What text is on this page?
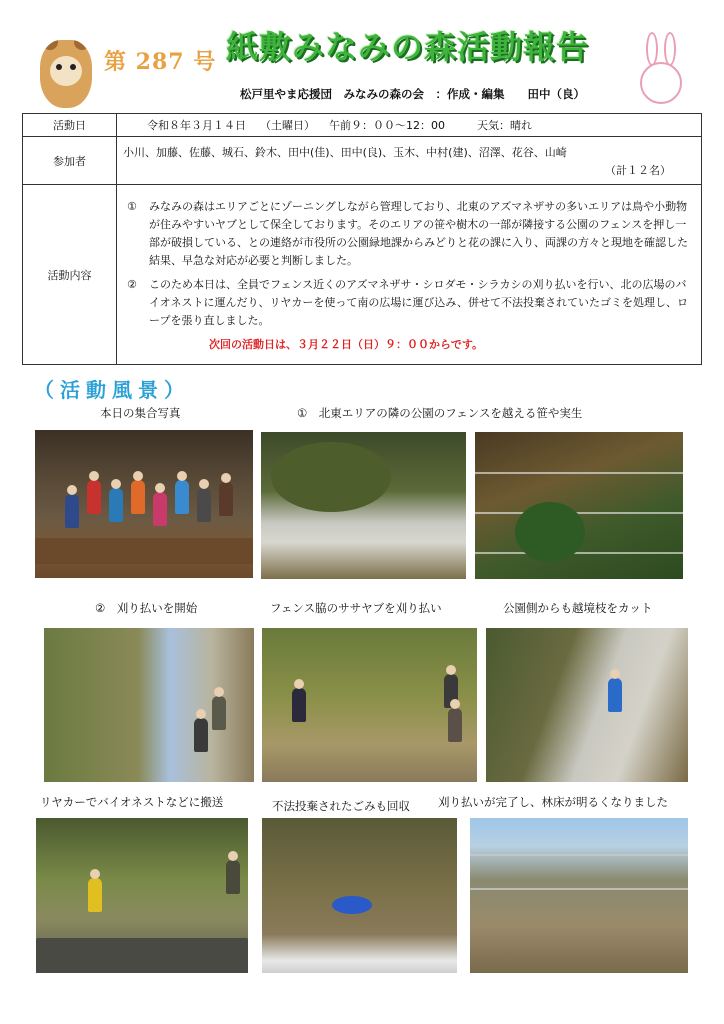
第 287 号 紙敷みなみの森活動報告
松戸里やま応援団　みなみの森の会　：作成・編集　　田中（良）
活動日	令和８年３月１４日 （土曜日） 午前９：００〜12：00 天気：晴れ
参加者	小川、加藤、佐藤、城石、鈴木、田中(佳)、田中(良)、玉木、中村(建)、沼澤、花谷、山崎
（計１２名）

活動内容	① みなみの森はエリアごとにゾーニングしながら管理しており、北東のアズマネザサの多いエリアは鳥や小動物が住みやすいヤブとして保全しております。そのエリアの笹や樹木の一部が隣接する公園のフェンスを押し一部が破損している、との連絡が市役所の公園緑地課からみどりと花の課に入り、両課の方々と現地を確認した結果、早急な対応が必要と判断しました。
② このため本日は、全員でフェンス近くのアズマネザサ・シロダモ・シラカシの刈り払いを行い、北の広場のバイオネストに運んだり、リヤカーを使って南の広場に運び込み、併せて不法投棄されていたゴミを処理し、ロープを張り直しました。
次回の活動日は、３月２２日（日）９：００からです。
（活動風景）
本日の集合写真	①　北東エリアの隣の公園のフェンスを越える笹や実生
②　刈り払いを開始	フェンス脇のササヤブを刈り払い	公園側からも越境枝をカット
リヤカーでバイオネストなどに搬送	不法投棄されたごみも回収 刈り払いが完了し、林床が明るくなりました
